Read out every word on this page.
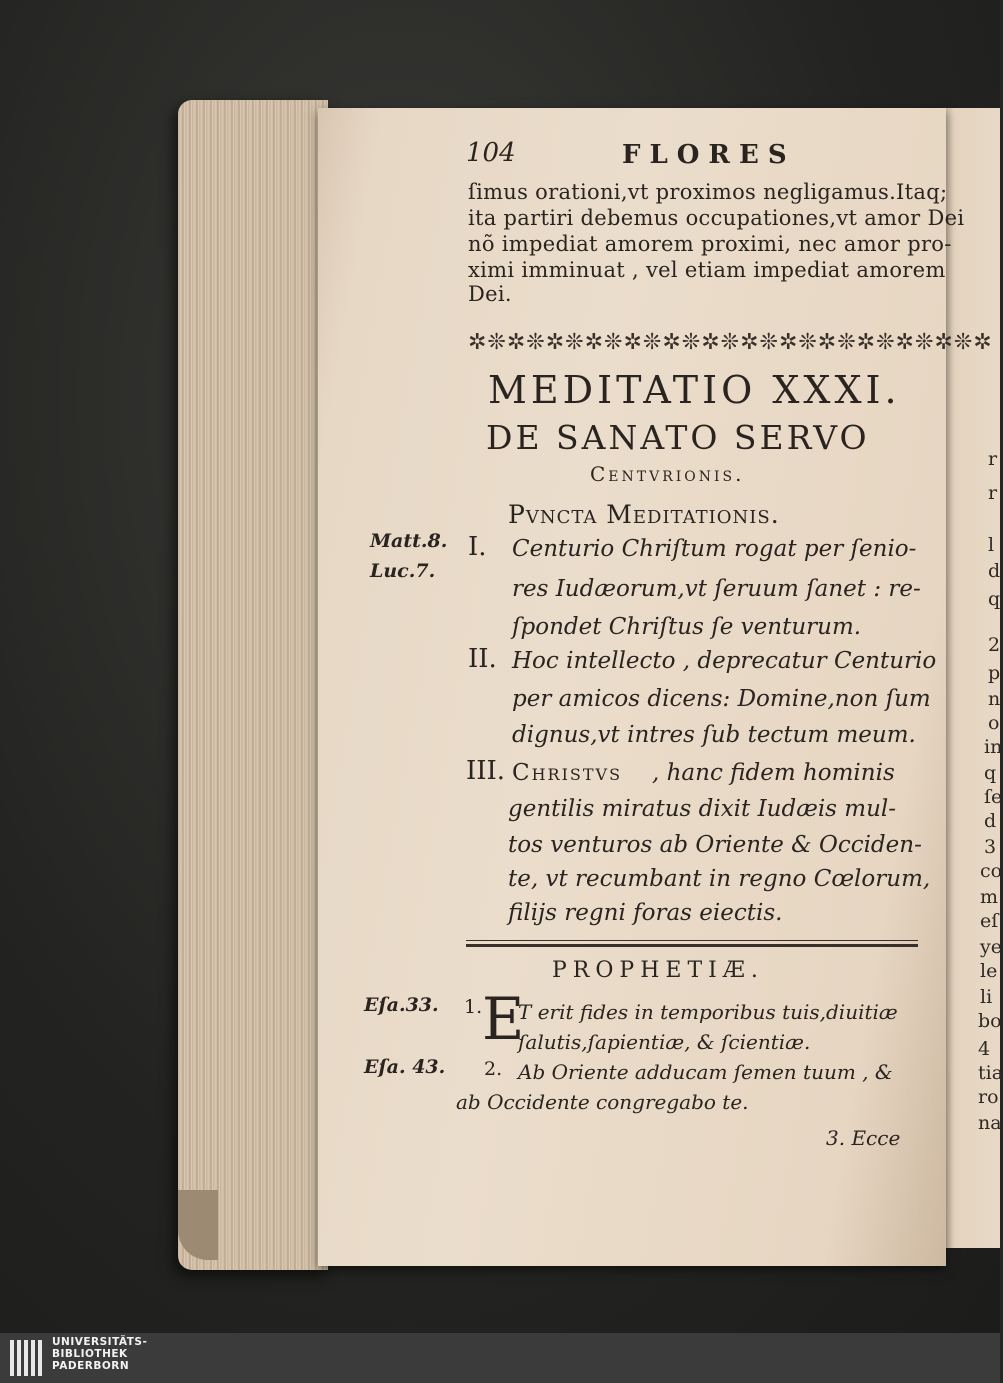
r
r
l
d
q
2
p
n
o
in
q
ſe
d
3
co
m
eſ
ye
le
li
bo
4
tia
ro
na
104	FLORES
ſimus orationi,vt proximos negligamus.Itaq;
ita partiri debemus occupationes,vt amor Dei
nõ impediat amorem proximi, nec amor pro-
ximi imminuat , vel etiam impediat amorem
Dei.
✲❊✲❊✲❊✲❊✲❊✲❊✲❊✲❊✲❊✲❊✲❊✲❊✲❊✲
MEDITATIO XXXI.
DE SANATO SERVO
Centvrionis.
Pvncta Meditationis.
Matt.8.
Luc.7.
I. Centurio Chriſtum rogat per ſenio-
res Iudæorum,vt ſeruum ſanet : re-
ſpondet Chriſtus ſe venturum.
II. Hoc intellecto , deprecatur Centurio
per amicos dicens: Domine,non ſum
dignus,vt intres ſub tectum meum.
III. Christvs , hanc fidem hominis
gentilis miratus dixit Iudæis mul-
tos venturos ab Oriente & Occiden-
te, vt recumbant in regno Cœlorum,
filijs regni foras eiectis.
PROPHETIÆ.
Eſa.33. 1. E
T erit fides in temporibus tuis,diuitiæ
ſalutis,ſapientiæ, & ſcientiæ.
Eſa. 43. 2. Ab Oriente adducam ſemen tuum , &
ab Occidente congregabo te.
3. Ecce
UNIVERSITÄTS-
BIBLIOTHEK
PADERBORN
